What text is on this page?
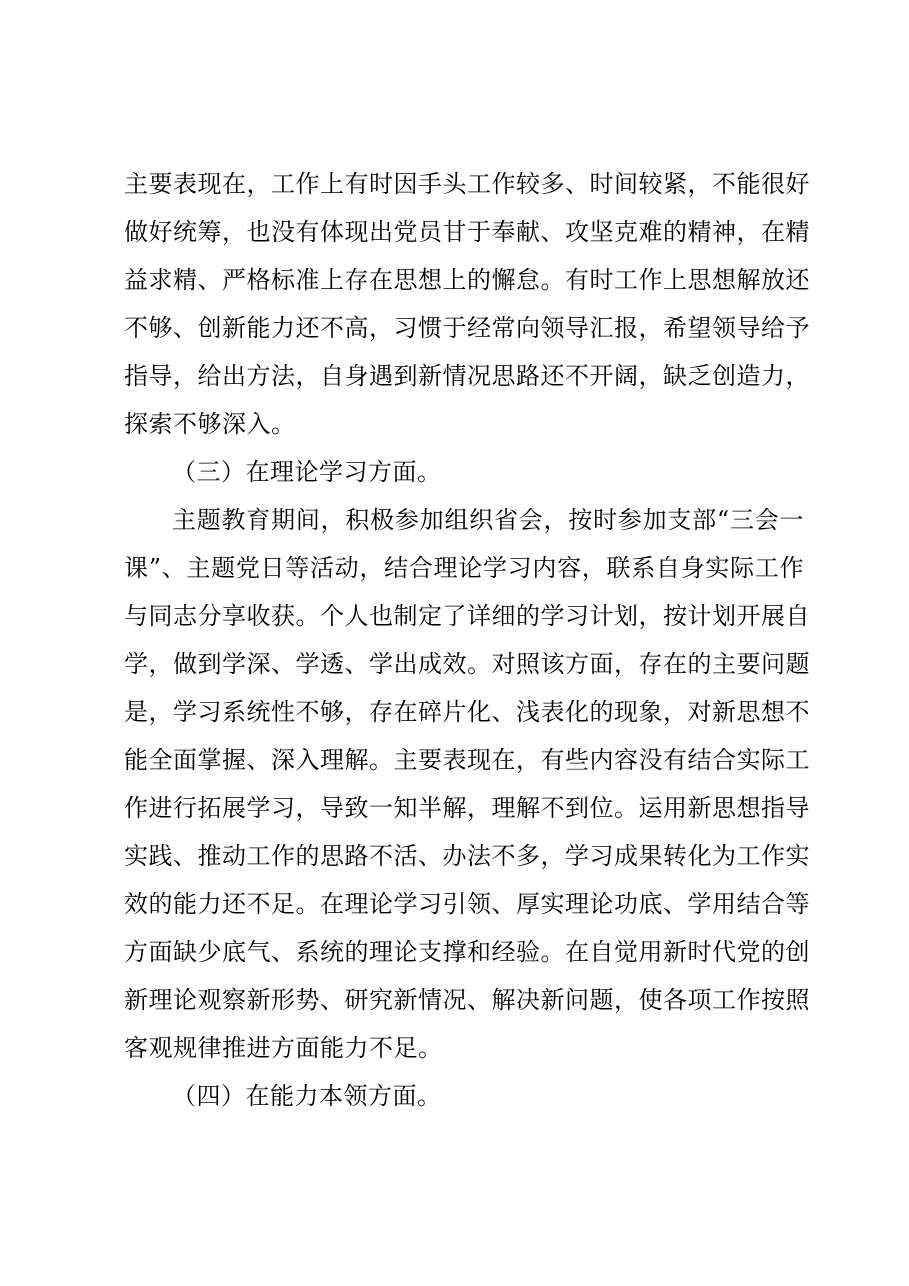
主要表现在，工作上有时因手头工作较多、时间较紧，不能很好
做好统筹，也没有体现出党员甘于奉献、攻坚克难的精神，在精
益求精、严格标准上存在思想上的懈怠。有时工作上思想解放还
不够、创新能力还不高，习惯于经常向领导汇报，希望领导给予
指导，给出方法，自身遇到新情况思路还不开阔，缺乏创造力，
探索不够深入。
（三）在理论学习方面。
主题教育期间，积极参加组织省会，按时参加支部“三会一
课”、主题党日等活动，结合理论学习内容，联系自身实际工作
与同志分享收获。个人也制定了详细的学习计划，按计划开展自
学，做到学深、学透、学出成效。对照该方面，存在的主要问题
是，学习系统性不够，存在碎片化、浅表化的现象，对新思想不
能全面掌握、深入理解。主要表现在，有些内容没有结合实际工
作进行拓展学习，导致一知半解，理解不到位。运用新思想指导
实践、推动工作的思路不活、办法不多，学习成果转化为工作实
效的能力还不足。在理论学习引领、厚实理论功底、学用结合等
方面缺少底气、系统的理论支撑和经验。在自觉用新时代党的创
新理论观察新形势、研究新情况、解决新问题，使各项工作按照
客观规律推进方面能力不足。
（四）在能力本领方面。
